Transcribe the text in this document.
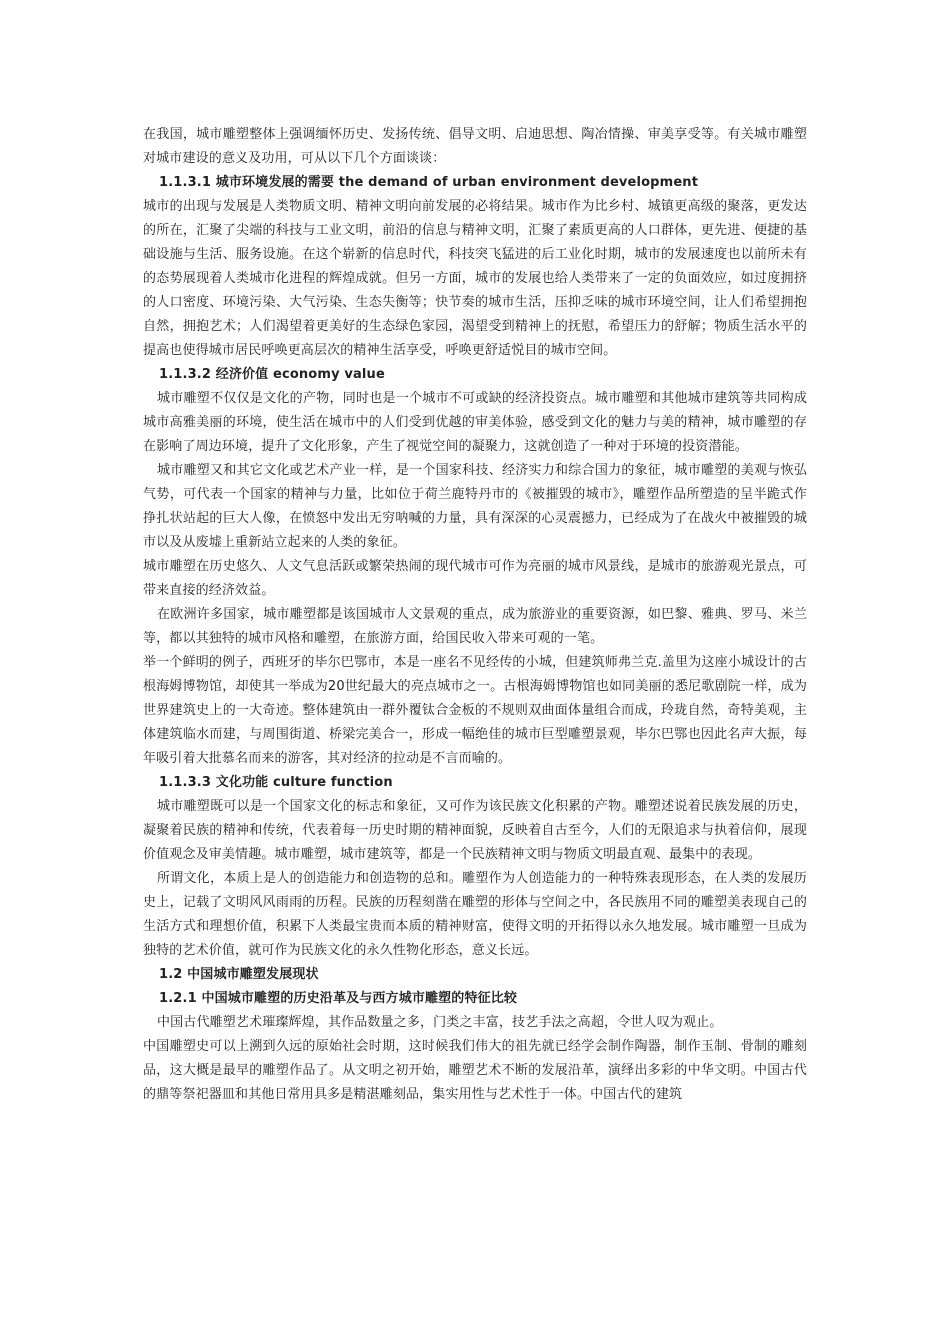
在我国，城市雕塑整体上强调缅怀历史、发扬传统、倡导文明、启迪思想、陶冶情操、审美享受等。有关城市雕塑对城市建设的意义及功用，可从以下几个方面谈谈：

1.1.3.1 城市环境发展的需要 the demand of urban environment development

城市的出现与发展是人类物质文明、精神文明向前发展的必将结果。城市作为比乡村、城镇更高级的聚落，更发达的所在，汇聚了尖端的科技与工业文明，前沿的信息与精神文明，汇聚了素质更高的人口群体，更先进、便捷的基础设施与生活、服务设施。在这个崭新的信息时代，科技突飞猛进的后工业化时期，城市的发展速度也以前所未有的态势展现着人类城市化进程的辉煌成就。但另一方面，城市的发展也给人类带来了一定的负面效应，如过度拥挤的人口密度、环境污染、大气污染、生态失衡等；快节奏的城市生活，压抑乏味的城市环境空间，让人们希望拥抱自然，拥抱艺术；人们渴望着更美好的生态绿色家园，渴望受到精神上的抚慰，希望压力的舒解；物质生活水平的提高也使得城市居民呼唤更高层次的精神生活享受，呼唤更舒适悦目的城市空间。

1.1.3.2 经济价值 economy value

城市雕塑不仅仅是文化的产物，同时也是一个城市不可或缺的经济投资点。城市雕塑和其他城市建筑等共同构成城市高雅美丽的环境，使生活在城市中的人们受到优越的审美体验，感受到文化的魅力与美的精神，城市雕塑的存在影响了周边环境，提升了文化形象，产生了视觉空间的凝聚力，这就创造了一种对于环境的投资潜能。

城市雕塑又和其它文化或艺术产业一样，是一个国家科技、经济实力和综合国力的象征，城市雕塑的美观与恢弘气势，可代表一个国家的精神与力量，比如位于荷兰鹿特丹市的《被摧毁的城市》，雕塑作品所塑造的呈半跪式作挣扎状站起的巨大人像，在愤怒中发出无穷呐喊的力量，具有深深的心灵震撼力，已经成为了在战火中被摧毁的城市以及从废墟上重新站立起来的人类的象征。

城市雕塑在历史悠久、人文气息活跃或繁荣热闹的现代城市可作为亮丽的城市风景线，是城市的旅游观光景点，可带来直接的经济效益。

在欧洲许多国家，城市雕塑都是该国城市人文景观的重点，成为旅游业的重要资源，如巴黎、雅典、罗马、米兰等，都以其独特的城市风格和雕塑，在旅游方面，给国民收入带来可观的一笔。

举一个鲜明的例子，西班牙的毕尔巴鄂市，本是一座名不见经传的小城，但建筑师弗兰克.盖里为这座小城设计的古根海姆博物馆，却使其一举成为20世纪最大的亮点城市之一。古根海姆博物馆也如同美丽的悉尼歌剧院一样，成为世界建筑史上的一大奇迹。整体建筑由一群外覆钛合金板的不规则双曲面体量组合而成，玲珑自然，奇特美观，主体建筑临水而建，与周围街道、桥梁完美合一，形成一幅绝佳的城市巨型雕塑景观，毕尔巴鄂也因此名声大振，每年吸引着大批慕名而来的游客，其对经济的拉动是不言而喻的。

1.1.3.3 文化功能 culture function

城市雕塑既可以是一个国家文化的标志和象征，又可作为该民族文化积累的产物。雕塑述说着民族发展的历史，凝聚着民族的精神和传统，代表着每一历史时期的精神面貌，反映着自古至今，人们的无限追求与执着信仰，展现价值观念及审美情趣。城市雕塑，城市建筑等，都是一个民族精神文明与物质文明最直观、最集中的表现。

所谓文化，本质上是人的创造能力和创造物的总和。雕塑作为人创造能力的一种特殊表现形态，在人类的发展历史上，记载了文明风风雨雨的历程。民族的历程刻凿在雕塑的形体与空间之中，各民族用不同的雕塑美表现自己的生活方式和理想价值，积累下人类最宝贵而本质的精神财富，使得文明的开拓得以永久地发展。城市雕塑一旦成为独特的艺术价值，就可作为民族文化的永久性物化形态，意义长远。

1.2 中国城市雕塑发展现状
1.2.1 中国城市雕塑的历史沿革及与西方城市雕塑的特征比较

中国古代雕塑艺术璀璨辉煌，其作品数量之多，门类之丰富，技艺手法之高超，令世人叹为观止。

中国雕塑史可以上溯到久远的原始社会时期，这时候我们伟大的祖先就已经学会制作陶器，制作玉制、骨制的雕刻品，这大概是最早的雕塑作品了。从文明之初开始，雕塑艺术不断的发展沿革，演绎出多彩的中华文明。中国古代的鼎等祭祀器皿和其他日常用具多是精湛雕刻品，集实用性与艺术性于一体。中国古代的建筑
